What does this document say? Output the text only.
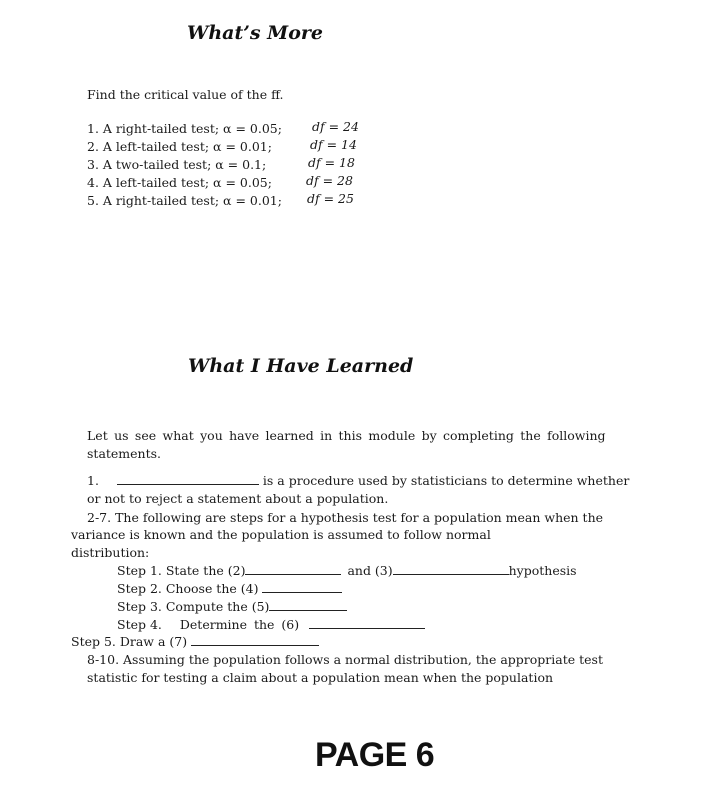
What’s More
Find the critical value of the ff.
1. A right-tailed test; α = 0.05; df = 24
2. A left-tailed test; α = 0.01;	df = 14
3. A two-tailed test; α = 0.1;	df = 18
4. A left-tailed test; α = 0.05;	df = 28
5. A right-tailed test; α = 0.01; df = 25
What I Have Learned
Let us see what you have learned in this module by completing the following
statements.
1.	is a procedure used by statisticians to determine whether
or not to reject a statement about a population.
2-7. The following are steps for a hypothesis test for a population mean when the
variance is known and the population is assumed to follow normal
distribution:
Step 1. State the (2)	and (3)	hypothesis
Step 2. Choose the (4)
Step 3. Compute the (5)
Step 4. Determine the (6)
Step 5. Draw a (7)
8-10. Assuming the population follows a normal distribution, the appropriate test
statistic for testing a claim about a population mean when the population
PAGE 6
